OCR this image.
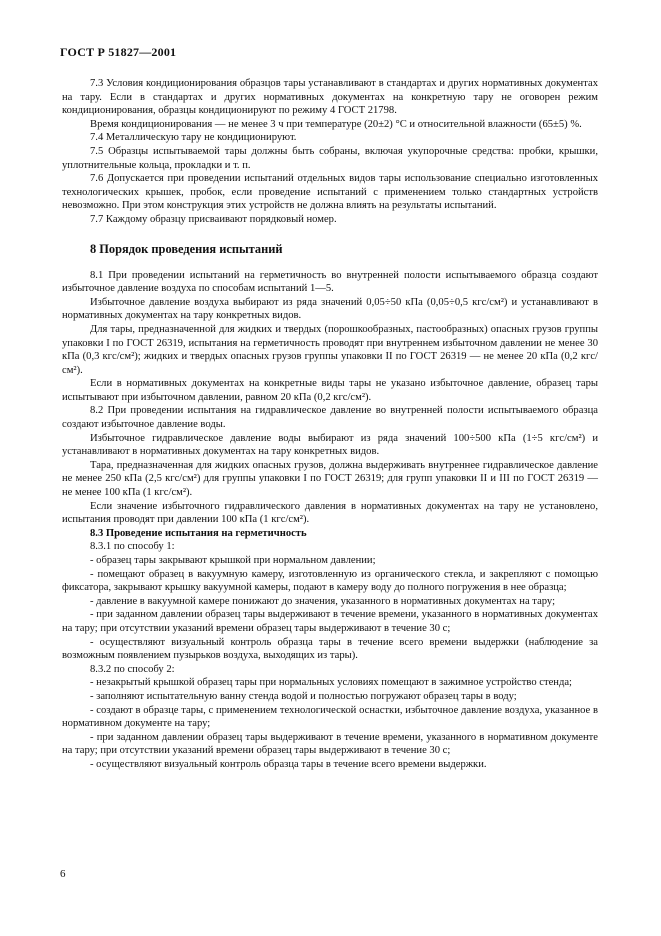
ГОСТ Р 51827—2001

7.3 Условия кондиционирования образцов тары устанавливают в стандартах и других нормативных документах на тару. Если в стандартах и других нормативных документах на конкретную тару не оговорен режим кондиционирования, образцы кондиционируют по режиму 4 ГОСТ 21798.

Время кондиционирования — не менее 3 ч при температуре (20±2) °С и относительной влажности (65±5) %.

7.4 Металлическую тару не кондиционируют.

7.5 Образцы испытываемой тары должны быть собраны, включая укупорочные средства: пробки, крышки, уплотнительные кольца, прокладки и т. п.

7.6 Допускается при проведении испытаний отдельных видов тары использование специально изготовленных технологических крышек, пробок, если проведение испытаний с применением только стандартных устройств невозможно. При этом конструкция этих устройств не должна влиять на результаты испытаний.

7.7 Каждому образцу присваивают порядковый номер.

8 Порядок проведения испытаний

8.1 При проведении испытаний на герметичность во внутренней полости испытываемого образца создают избыточное давление воздуха по способам испытаний 1—5.

Избыточное давление воздуха выбирают из ряда значений 0,05÷50 кПа (0,05÷0,5 кгс/см²) и устанавливают в нормативных документах на тару конкретных видов.

Для тары, предназначенной для жидких и твердых (порошкообразных, пастообразных) опасных грузов группы упаковки I по ГОСТ 26319, испытания на герметичность проводят при внутреннем избыточном давлении не менее 30 кПа (0,3 кгс/см²); жидких и твердых опасных грузов группы упаковки II по ГОСТ 26319 — не менее 20 кПа (0,2 кгс/см²).

Если в нормативных документах на конкретные виды тары не указано избыточное давление, образец тары испытывают при избыточном давлении, равном 20 кПа (0,2 кгс/см²).

8.2 При проведении испытания на гидравлическое давление во внутренней полости испытываемого образца создают избыточное давление воды.

Избыточное гидравлическое давление воды выбирают из ряда значений 100÷500 кПа (1÷5 кгс/см²) и устанавливают в нормативных документах на тару конкретных видов.

Тара, предназначенная для жидких опасных грузов, должна выдерживать внутреннее гидравлическое давление не менее 250 кПа (2,5 кгс/см²) для группы упаковки I по ГОСТ 26319; для групп упаковки II и III по ГОСТ 26319 — не менее 100 кПа (1 кгс/см²).

Если значение избыточного гидравлического давления в нормативных документах на тару не установлено, испытания проводят при давлении 100 кПа (1 кгс/см²).

8.3 Проведение испытания на герметичность

8.3.1 по способу 1:

- образец тары закрывают крышкой при нормальном давлении;

- помещают образец в вакуумную камеру, изготовленную из органического стекла, и закрепляют с помощью фиксатора, закрывают крышку вакуумной камеры, подают в камеру воду до полного погружения в нее образца;

- давление в вакуумной камере понижают до значения, указанного в нормативных документах на тару;

- при заданном давлении образец тары выдерживают в течение времени, указанного в нормативных документах на тару; при отсутствии указаний времени образец тары выдерживают в течение 30 с;

- осуществляют визуальный контроль образца тары в течение всего времени выдержки (наблюдение за возможным появлением пузырьков воздуха, выходящих из тары).

8.3.2 по способу 2:

- незакрытый крышкой образец тары при нормальных условиях помещают в зажимное устройство стенда;

- заполняют испытательную ванну стенда водой и полностью погружают образец тары в воду;

- создают в образце тары, с применением технологической оснастки, избыточное давление воздуха, указанное в нормативном документе на тару;

- при заданном давлении образец тары выдерживают в течение времени, указанного в нормативном документе на тару; при отсутствии указаний времени образец тары выдерживают в течение 30 с;

- осуществляют визуальный контроль образца тары в течение всего времени выдержки.

6
